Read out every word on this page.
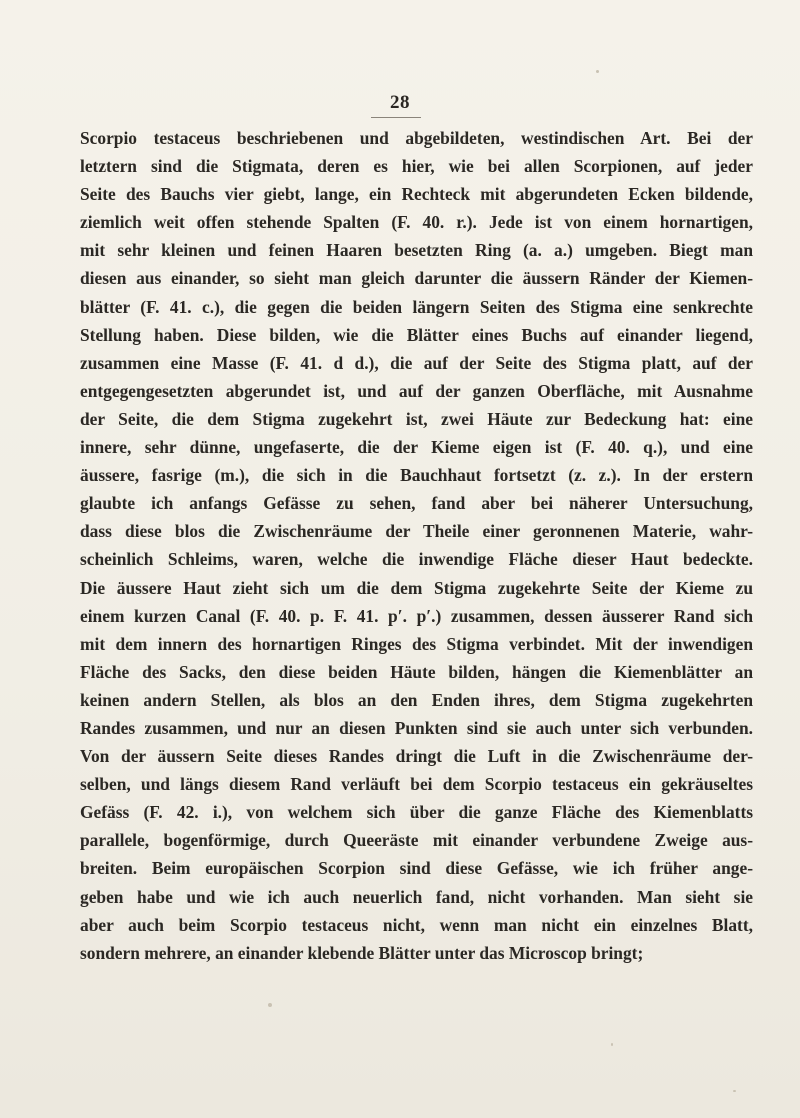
28
Scorpio testaceus beschriebenen und abgebildeten, westindischen Art. Bei der
letztern sind die Stigmata, deren es hier, wie bei allen Scorpionen, auf jeder
Seite des Bauchs vier giebt, lange, ein Rechteck mit abgerundeten Ecken bildende,
ziemlich weit offen stehende Spalten (F. 40. r.). Jede ist von einem hornartigen,
mit sehr kleinen und feinen Haaren besetzten Ring (a. a.) umgeben. Biegt man
diesen aus einander, so sieht man gleich darunter die äussern Ränder der Kiemen-
blätter (F. 41. c.), die gegen die beiden längern Seiten des Stigma eine senkrechte
Stellung haben. Diese bilden, wie die Blätter eines Buchs auf einander liegend,
zusammen eine Masse (F. 41. d d.), die auf der Seite des Stigma platt, auf der
entgegengesetzten abgerundet ist, und auf der ganzen Oberfläche, mit Ausnahme
der Seite, die dem Stigma zugekehrt ist, zwei Häute zur Bedeckung hat: eine
innere, sehr dünne, ungefaserte, die der Kieme eigen ist (F. 40. q.), und eine
äussere, fasrige (m.), die sich in die Bauchhaut fortsetzt (z. z.). In der erstern
glaubte ich anfangs Gefässe zu sehen, fand aber bei näherer Untersuchung,
dass diese blos die Zwischenräume der Theile einer geronnenen Materie, wahr-
scheinlich Schleims, waren, welche die inwendige Fläche dieser Haut bedeckte.
Die äussere Haut zieht sich um die dem Stigma zugekehrte Seite der Kieme zu
einem kurzen Canal (F. 40. p. F. 41. p′. p′.) zusammen, dessen äusserer Rand sich
mit dem innern des hornartigen Ringes des Stigma verbindet. Mit der inwendigen
Fläche des Sacks, den diese beiden Häute bilden, hängen die Kiemenblätter an
keinen andern Stellen, als blos an den Enden ihres, dem Stigma zugekehrten
Randes zusammen, und nur an diesen Punkten sind sie auch unter sich verbunden.
Von der äussern Seite dieses Randes dringt die Luft in die Zwischenräume der-
selben, und längs diesem Rand verläuft bei dem Scorpio testaceus ein gekräuseltes
Gefäss (F. 42. i.), von welchem sich über die ganze Fläche des Kiemenblatts
parallele, bogenförmige, durch Queeräste mit einander verbundene Zweige aus-
breiten. Beim europäischen Scorpion sind diese Gefässe, wie ich früher ange-
geben habe und wie ich auch neuerlich fand, nicht vorhanden. Man sieht sie
aber auch beim Scorpio testaceus nicht, wenn man nicht ein einzelnes Blatt,
sondern mehrere, an einander klebende Blätter unter das Microscop bringt;
